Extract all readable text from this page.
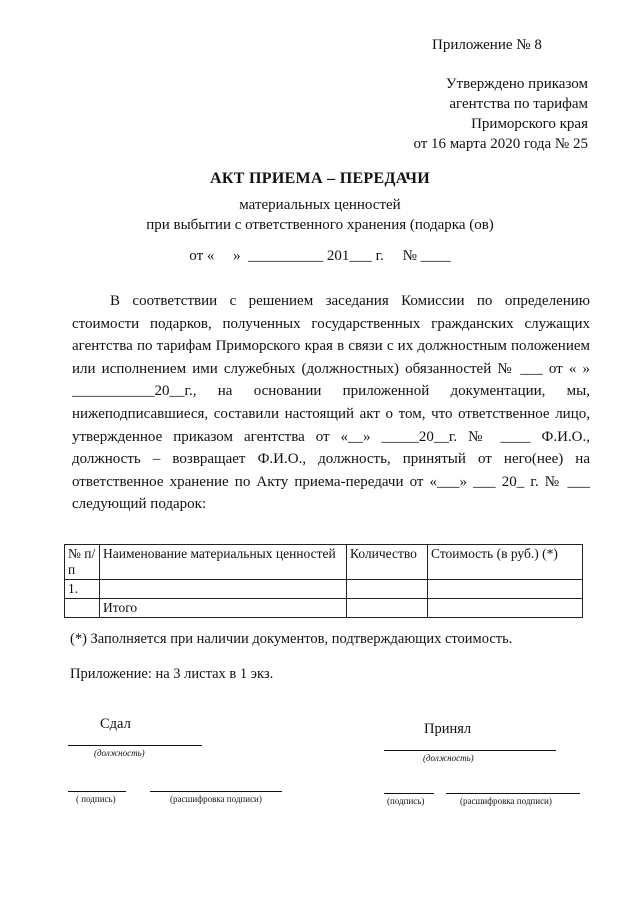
Приложение № 8
Утверждено приказом
агентства по тарифам
Приморского края
от 16 марта 2020 года № 25
АКТ ПРИЕМА – ПЕРЕДАЧИ
материальных ценностей
при выбытии с ответственного хранения (подарка (ов)
от «     »  __________ 201___ г.     № ____

В соответствии с решением заседания Комиссии по определению стоимости подарков, полученных государственных гражданских служащих агентства по тарифам Приморского края в связи с их должностным положением или исполнением ими служебных (должностных) обязанностей № ___ от « » ___________20__г., на основании приложенной документации, мы, нижеподписавшиеся, составили настоящий акт о том, что ответственное лицо, утвержденное приказом агентства от «__» _____20__г. № ____ Ф.И.О., должность – возвращает Ф.И.О., должность, принятый от него(нее) на ответственное хранение по Акту приема-передачи от «___» ___ 20_ г. № ___ следующий подарок:

№ п/п	Наименование материальных ценностей	Количество	Стоимость (в руб.) (*)
1.			
	Итого		
(*) Заполняется при наличии документов, подтверждающих стоимость.
Приложение: на 3 листах в 1 экз.
Сдал
(должность)
( подпись)	(расшифровка подписи)
Принял
(должность)
(подпись)	(расшифровка подписи)
